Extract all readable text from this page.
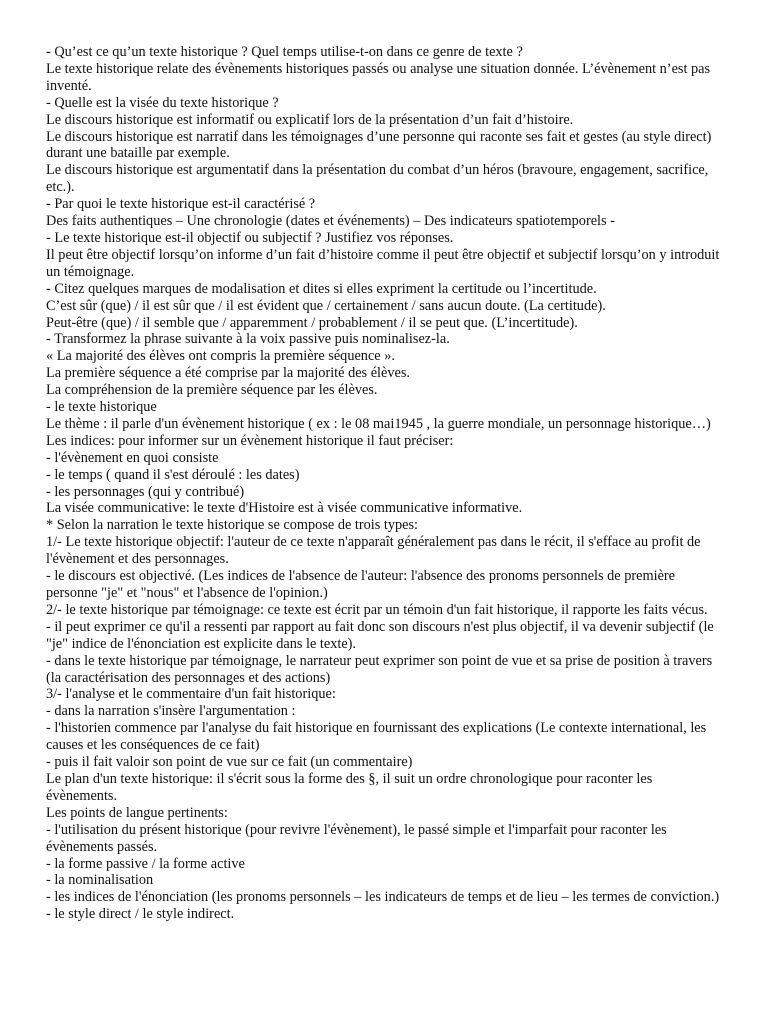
- Qu’est ce qu’un texte historique ? Quel temps utilise-t-on dans ce genre de texte ?

Le texte historique relate des évènements historiques passés ou analyse une situation donnée. L’évènement n’est pas inventé.

- Quelle est la visée du texte historique ?

Le discours historique est informatif ou explicatif lors de la présentation d’un fait d’histoire.

Le discours historique est narratif dans les témoignages d’une personne qui raconte ses fait et gestes (au style direct) durant une bataille par exemple.

Le discours historique est argumentatif dans la présentation du combat d’un héros (bravoure, engagement, sacrifice, etc.).

- Par quoi le texte historique est-il caractérisé ?

Des faits authentiques – Une chronologie (dates et événements) – Des indicateurs spatiotemporels -

- Le texte historique est-il objectif ou subjectif ? Justifiez vos réponses.

Il peut être objectif lorsqu’on informe d’un fait d’histoire comme il peut être objectif et subjectif lorsqu’on y introduit un témoignage.

- Citez quelques marques de modalisation et dites si elles expriment la certitude ou l’incertitude.

C’est sûr (que) / il est sûr que / il est évident que / certainement / sans aucun doute. (La certitude).

Peut-être (que) / il semble que / apparemment / probablement / il se peut que. (L’incertitude).

- Transformez la phrase suivante à la voix passive puis nominalisez-la.

« La majorité des élèves ont compris la première séquence ».

La première séquence a été comprise par la majorité des élèves.

La compréhension de la première séquence par les élèves.

- le texte historique

Le thème : il parle d'un évènement historique ( ex : le 08 mai1945 , la guerre mondiale, un personnage historique…)

Les indices: pour informer sur un évènement historique il faut préciser:

- l'évènement en quoi consiste

- le temps ( quand il s'est déroulé : les dates)

- les personnages (qui y contribué)

La visée communicative: le texte d'Histoire est à visée communicative informative.

* Selon la narration le texte historique se compose de trois types:

1/- Le texte historique objectif: l'auteur de ce texte n'apparaît généralement pas dans le récit, il s'efface au profit de l'évènement et des personnages.

- le discours est objectivé. (Les indices de l'absence de l'auteur: l'absence des pronoms personnels de première personne "je" et "nous" et l'absence de l'opinion.)

2/- le texte historique par témoignage: ce texte est écrit par un témoin d'un fait historique, il rapporte les faits vécus.

- il peut exprimer ce qu'il a ressenti par rapport au fait donc son discours n'est plus objectif, il va devenir subjectif (le "je" indice de l'énonciation est explicite dans le texte).

- dans le texte historique par témoignage, le narrateur peut exprimer son point de vue et sa prise de position à travers (la caractérisation des personnages et des actions)

3/- l'analyse et le commentaire d'un fait historique:

- dans la narration s'insère l'argumentation :

- l'historien commence par l'analyse du fait historique en fournissant des explications (Le contexte international, les causes et les conséquences de ce fait)

- puis il fait valoir son point de vue sur ce fait (un commentaire)

Le plan d'un texte historique: il s'écrit sous la forme des §, il suit un ordre chronologique pour raconter les évènements.

Les points de langue pertinents:

- l'utilisation du présent historique (pour revivre l'évènement), le passé simple et l'imparfait pour raconter les évènements passés.

- la forme passive / la forme active

- la nominalisation

- les indices de l'énonciation (les pronoms personnels – les indicateurs de temps et de lieu – les termes de conviction.)

- le style direct / le style indirect.
